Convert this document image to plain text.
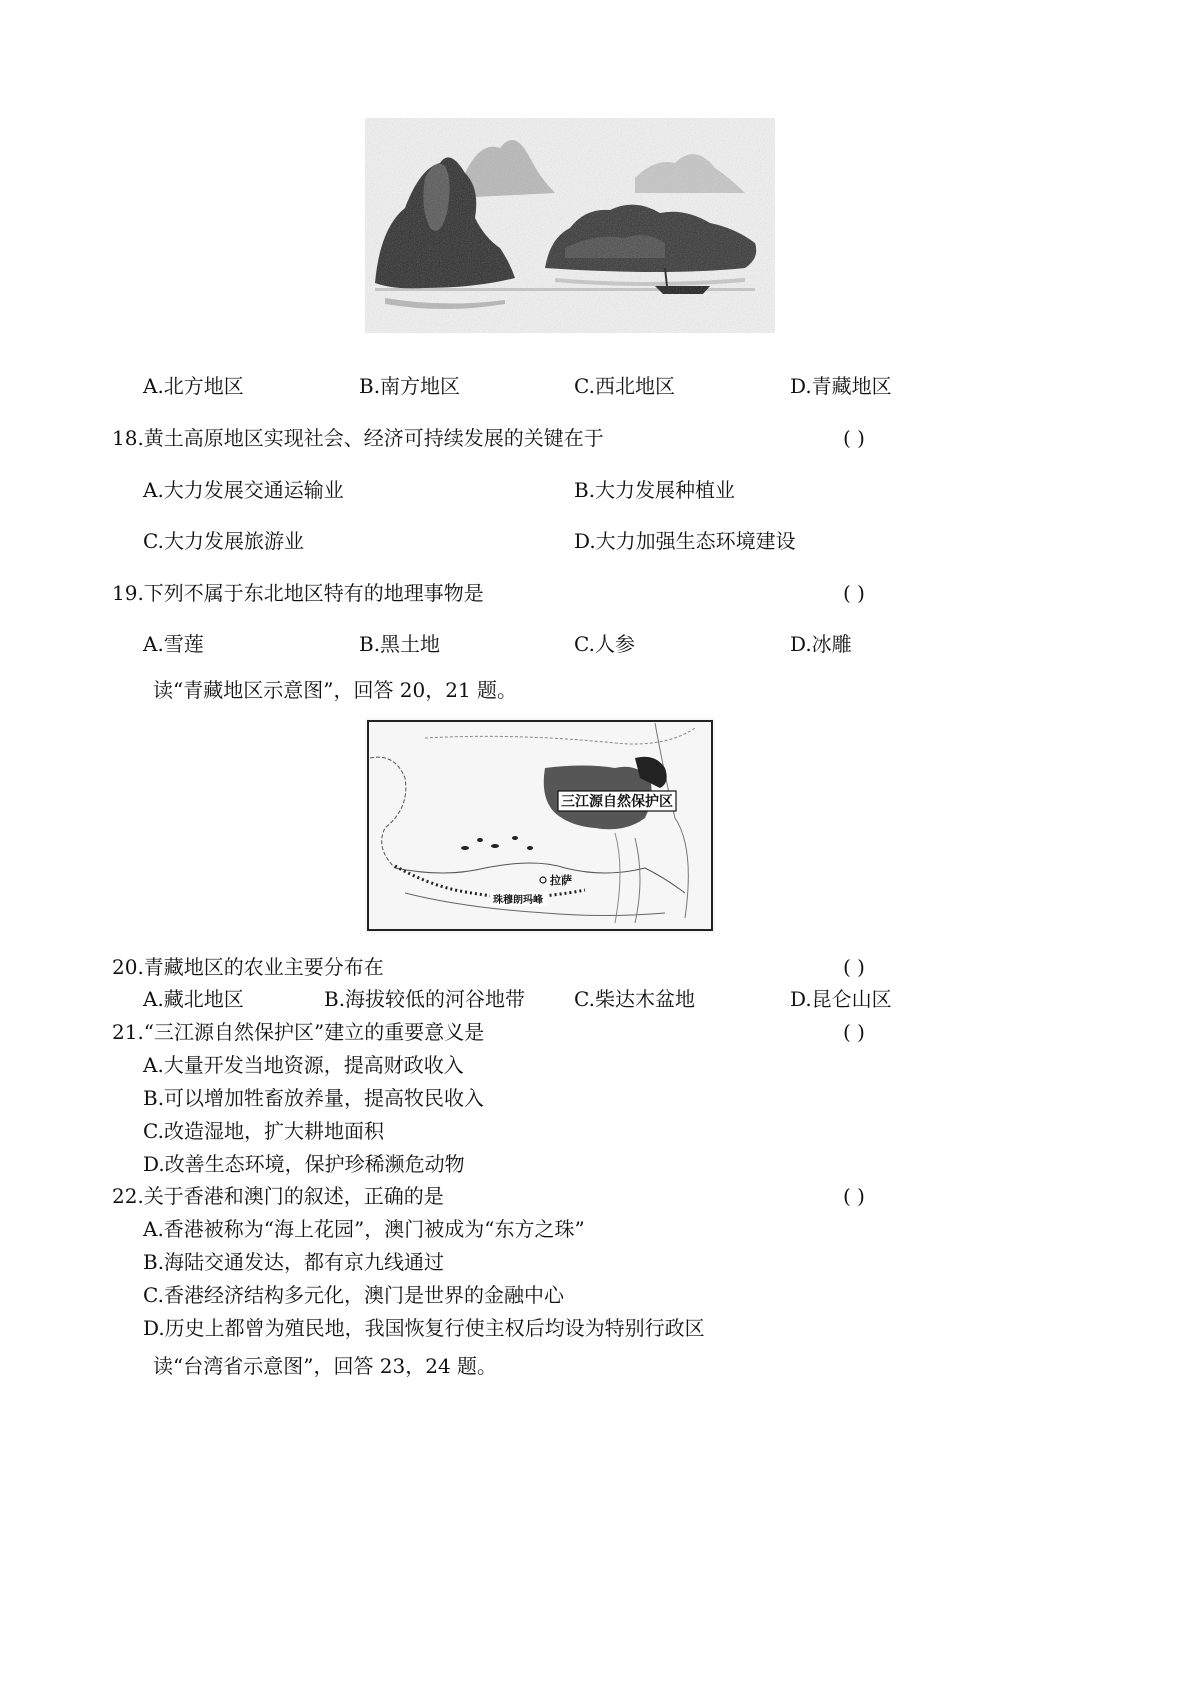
A.北方地区	B.南方地区	C.西北地区	D.青藏地区
18.黄土高原地区实现社会、经济可持续发展的关键在于	( )
A.大力发展交通运输业	B.大力发展种植业
C.大力发展旅游业	D.大力加强生态环境建设
19.下列不属于东北地区特有的地理事物是	( )
A.雪莲	B.黑土地	C.人参	D.冰雕
读“青藏地区示意图”，回答 20，21 题。
三江源自然保护区
拉萨
珠穆朗玛峰
20.青藏地区的农业主要分布在	( )
A.藏北地区	B.海拔较低的河谷地带 C.柴达木盆地	D.昆仑山区
21.“三江源自然保护区”建立的重要意义是	( )
A.大量开发当地资源，提高财政收入
B.可以增加牲畜放养量，提高牧民收入
C.改造湿地，扩大耕地面积
D.改善生态环境，保护珍稀濒危动物
22.关于香港和澳门的叙述，正确的是	( )
A.香港被称为“海上花园”，澳门被成为“东方之珠”
B.海陆交通发达，都有京九线通过
C.香港经济结构多元化，澳门是世界的金融中心
D.历史上都曾为殖民地，我国恢复行使主权后均设为特别行政区
读“台湾省示意图”，回答 23，24 题。
